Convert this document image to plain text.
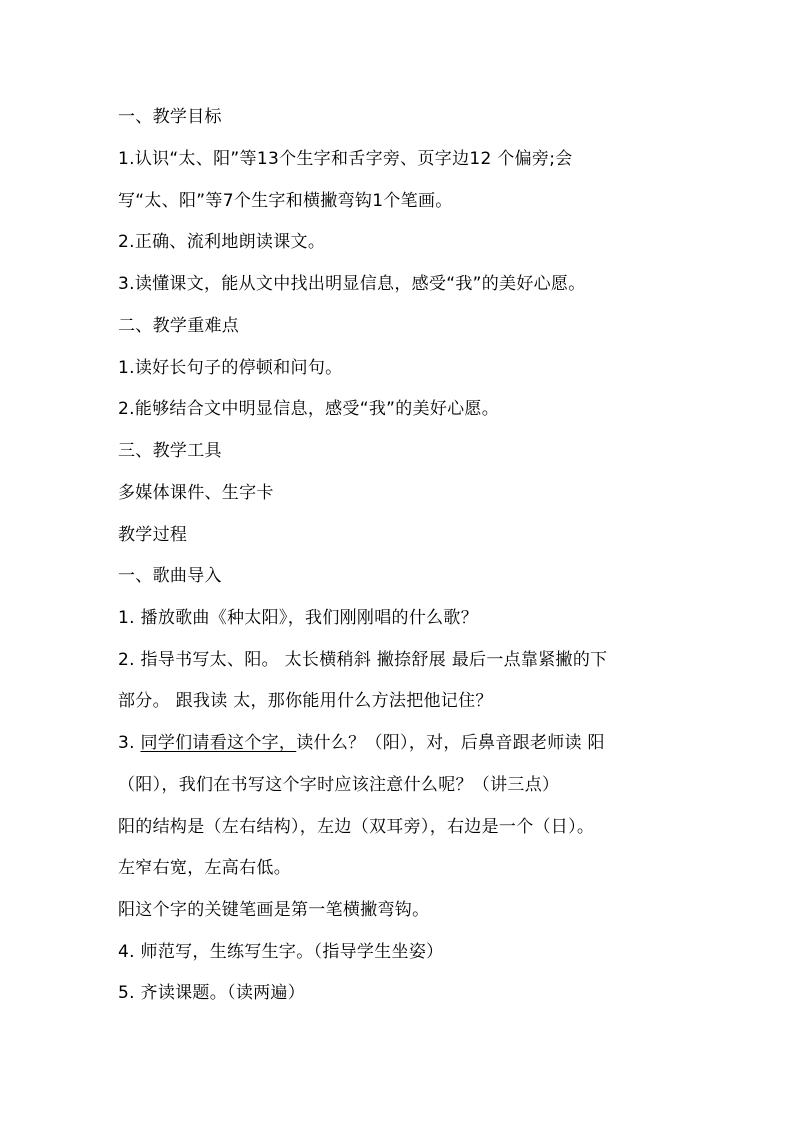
一、教学目标
1.认识“太、阳”等13个生字和舌字旁、页字边12 个偏旁;会
写“太、阳”等7个生字和横撇弯钩1个笔画。
2.正确、流利地朗读课文。
3.读懂课文，能从文中找出明显信息，感受“我”的美好心愿。
二、教学重难点
1.读好长句子的停顿和问句。
2.能够结合文中明显信息，感受“我”的美好心愿。
三、教学工具
多媒体课件、生字卡
教学过程
一、歌曲导入
1. 播放歌曲《种太阳》，我们刚刚唱的什么歌？
2. 指导书写太、阳。 太长横稍斜 撇捺舒展 最后一点靠紧撇的下
部分。 跟我读 太，那你能用什么方法把他记住？
3. 同学们请看这个字，读什么？（阳），对，后鼻音跟老师读 阳
（阳），我们在书写这个字时应该注意什么呢？（讲三点）
阳的结构是（左右结构），左边（双耳旁），右边是一个（日）。
左窄右宽，左高右低。
阳这个字的关键笔画是第一笔横撇弯钩。
4. 师范写，生练写生字。（指导学生坐姿）
5. 齐读课题。（读两遍）
